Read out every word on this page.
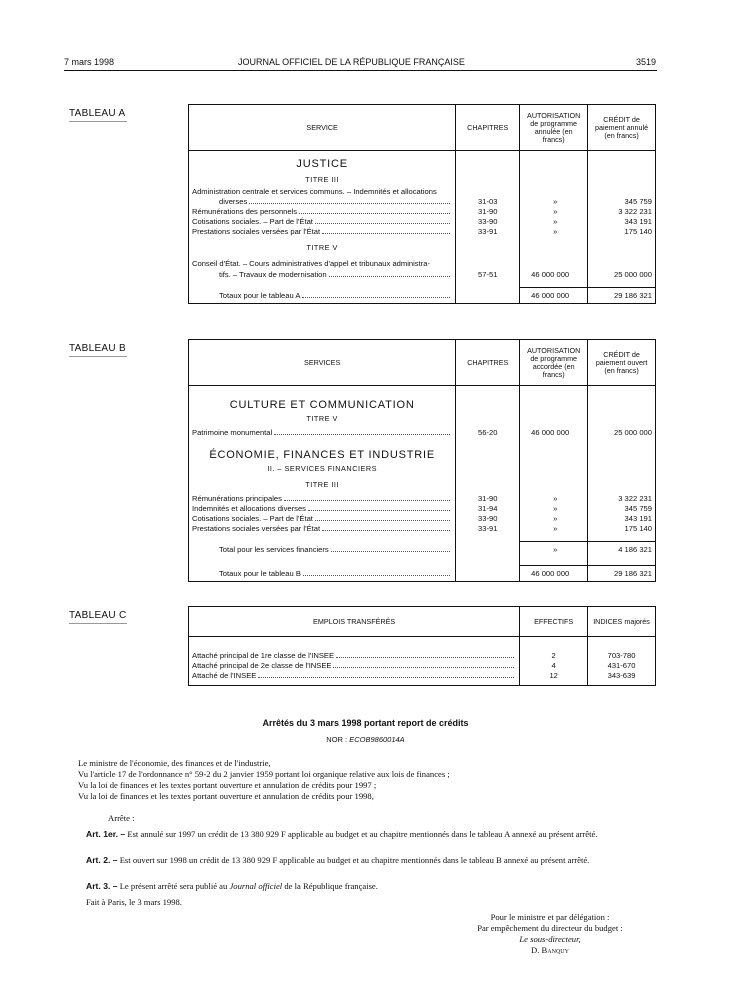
7 mars 1998	JOURNAL OFFICIEL DE LA RÉPUBLIQUE FRANÇAISE	3519
TABLEAU A
SERVICE	CHAPITRES	AUTORISATION de programme annulée (en francs)	CRÉDIT de paiement annulé (en francs)
JUSTICE			
TITRE III			
Administration centrale et services communs. – Indemnités et allocations			

diverses	31-03	»	345 759

Rémunérations des personnels	31-90	»	3 322 231

Cotisations sociales. – Part de l'État	33-90	»	343 191

Prestations sociales versées par l'État	33-91	»	175 140
TITRE V			
Conseil d'État. – Cours administratives d'appel et tribunaux administra-			

tifs. – Travaux de modernisation	57-51	46 000 000	25 000 000

Totaux pour le tableau A		46 000 000	29 186 321
TABLEAU B
SERVICES	CHAPITRES	AUTORISATION de programme accordée (en francs)	CRÉDIT de paiement ouvert (en francs)
CULTURE ET COMMUNICATION			
TITRE V			

Patrimoine monumental	56-20	46 000 000	25 000 000
ÉCONOMIE, FINANCES ET INDUSTRIE			
II. – SERVICES FINANCIERS			
TITRE III			

Rémunérations principales	31-90	»	3 322 231

Indemnités et allocations diverses	31-94	»	345 759

Cotisations sociales. – Part de l'État	33-90	»	343 191

Prestations sociales versées par l'État	33-91	»	175 140

Total pour les services financiers		»	4 186 321

Totaux pour le tableau B		46 000 000	29 186 321
TABLEAU C	EMPLOIS TRANSFÉRÉS	EFFECTIFS	INDICES majorés

Attaché principal de 1re classe de l'INSEE	2	703-780

Attaché principal de 2e classe de l'INSEE	4	431-670

Attaché de l'INSEE	12	343-639

Arrêtés du 3 mars 1998 portant report de crédits
NOR : ECOB9860014A
Le ministre de l'économie, des finances et de l'industrie,
Vu l'article 17 de l'ordonnance n° 59-2 du 2 janvier 1959 portant loi organique relative aux lois de finances ;
Vu la loi de finances et les textes portant ouverture et annulation de crédits pour 1997 ;
Vu la loi de finances et les textes portant ouverture et annulation de crédits pour 1998,
Arrête :
Art. 1er. – Est annulé sur 1997 un crédit de 13 380 929 F applicable au budget et au chapitre mentionnés dans le tableau A annexé au présent arrêté.
Art. 2. – Est ouvert sur 1998 un crédit de 13 380 929 F applicable au budget et au chapitre mentionnés dans le tableau B annexé au présent arrêté.
Art. 3. – Le présent arrêté sera publié au Journal officiel de la République française.
Fait à Paris, le 3 mars 1998.
Pour le ministre et par délégation :
Par empêchement du directeur du budget :
Le sous-directeur,
D. Banquy
